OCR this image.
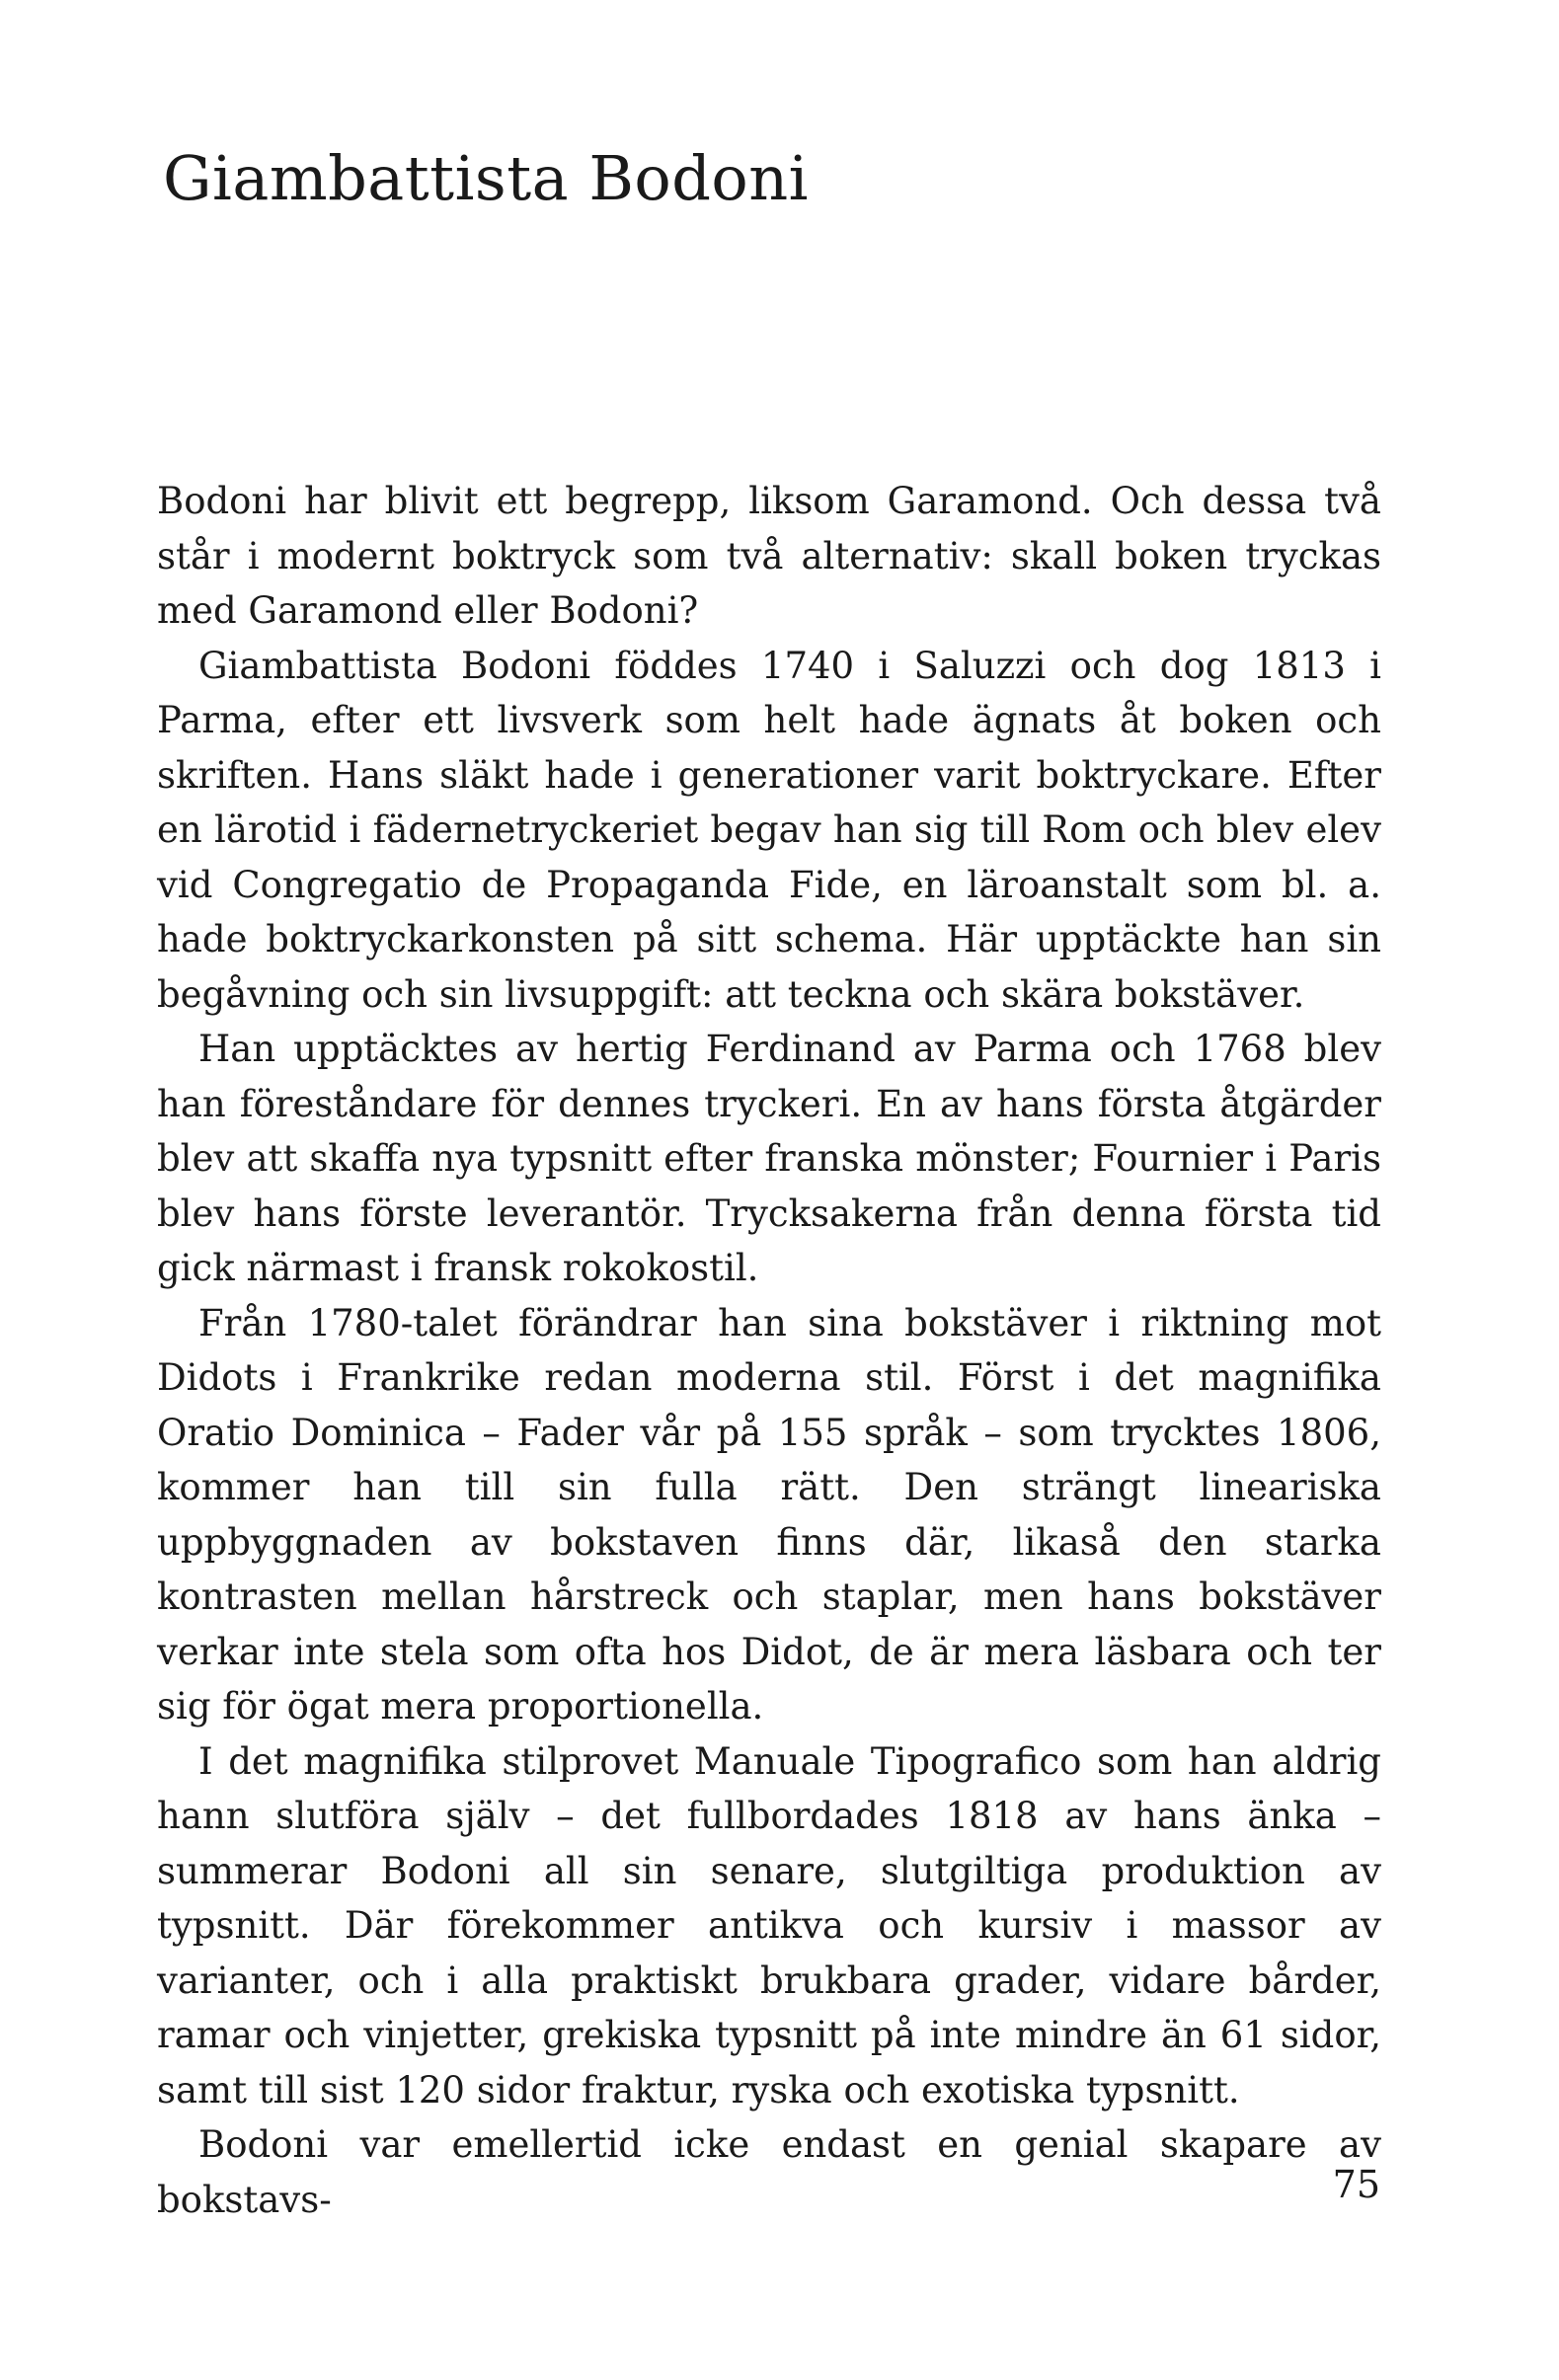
Giambattista Bodoni

Bodoni har blivit ett begrepp, liksom Garamond. Och dessa två står i modernt boktryck som två alternativ: skall boken tryckas med Garamond eller Bodoni?

Giambattista Bodoni föddes 1740 i Saluzzi och dog 1813 i Parma, efter ett livsverk som helt hade ägnats åt boken och skriften. Hans släkt hade i generationer varit boktryckare. Efter en lärotid i fädernetryckeriet begav han sig till Rom och blev elev vid Congregatio de Propaganda Fide, en läroanstalt som bl. a. hade boktryckarkonsten på sitt schema. Här upptäckte han sin begåvning och sin livsuppgift: att teckna och skära bokstäver.

Han upptäcktes av hertig Ferdinand av Parma och 1768 blev han föreståndare för dennes tryckeri. En av hans första åtgärder blev att skaffa nya typsnitt efter franska mönster; Fournier i Paris blev hans förste leverantör. Trycksakerna från denna första tid gick närmast i fransk rokokostil.

Från 1780-talet förändrar han sina bokstäver i riktning mot Didots i Frankrike redan moderna stil. Först i det magnifika Oratio Dominica – Fader vår på 155 språk – som trycktes 1806, kommer han till sin fulla rätt. Den strängt lineariska uppbyggnaden av bokstaven finns där, likaså den starka kontrasten mellan hårstreck och staplar, men hans bokstäver verkar inte stela som ofta hos Didot, de är mera läsbara och ter sig för ögat mera proportionella.

I det magnifika stilprovet Manuale Tipografico som han aldrig hann slutföra själv – det fullbordades 1818 av hans änka – summerar Bodoni all sin senare, slutgiltiga produktion av typsnitt. Där förekommer antikva och kursiv i massor av varianter, och i alla praktiskt brukbara grader, vidare bårder, ramar och vinjetter, grekiska typsnitt på inte mindre än 61 sidor, samt till sist 120 sidor fraktur, ryska och exotiska typsnitt.

Bodoni var emellertid icke endast en genial skapare av bokstavs-	75
